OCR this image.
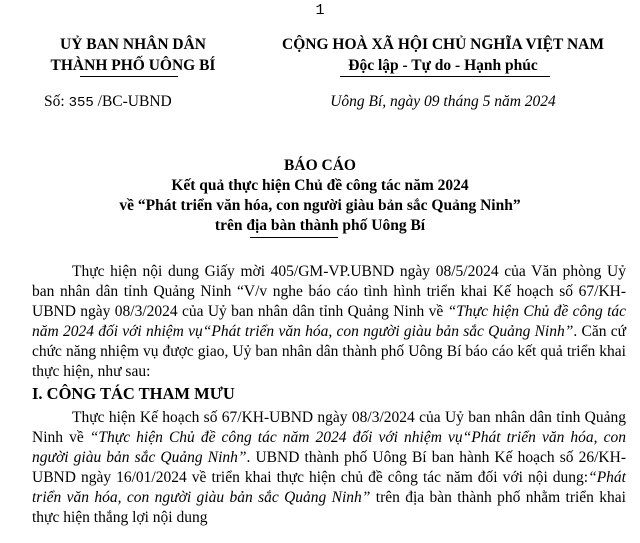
1
UỶ BAN NHÂN DÂN
THÀNH PHỐ UÔNG BÍ
CỘNG HOÀ XÃ HỘI CHỦ NGHĨA VIỆT NAM
Độc lập - Tự do - Hạnh phúc
Số: 355 /BC-UBND	Uông Bí, ngày 09 tháng 5 năm 2024
BÁO CÁO
Kết quả thực hiện Chủ đề công tác năm 2024
về “Phát triển văn hóa, con người giàu bản sắc Quảng Ninh”
trên địa bàn thành phố Uông Bí

Thực hiện nội dung Giấy mời 405/GM-VP.UBND ngày 08/5/2024 của Văn phòng Uỷ ban nhân dân tỉnh Quảng Ninh “V/v nghe báo cáo tình hình triển khai Kế hoạch số 67/KH-UBND ngày 08/3/2024 của Uỷ ban nhân dân tỉnh Quảng Ninh về “Thực hiện Chủ đề công tác năm 2024 đối với nhiệm vụ“Phát triển văn hóa, con người giàu bản sắc Quảng Ninh”. Căn cứ chức năng nhiệm vụ được giao, Uỷ ban nhân dân thành phố Uông Bí báo cáo kết quả triển khai thực hiện, như sau:

I. CÔNG TÁC THAM MƯU

Thực hiện Kế hoạch số 67/KH-UBND ngày 08/3/2024 của Uỷ ban nhân dân tỉnh Quảng Ninh về “Thực hiện Chủ đề công tác năm 2024 đối với nhiệm vụ“Phát triển văn hóa, con người giàu bản sắc Quảng Ninh”. UBND thành phố Uông Bí ban hành Kế hoạch số 26/KH-UBND ngày 16/01/2024 về triển khai thực hiện chủ đề công tác năm đối với nội dung:“Phát triển văn hóa, con người giàu bản sắc Quảng Ninh” trên địa bàn thành phố nhằm triển khai thực hiện thắng lợi nội dung
